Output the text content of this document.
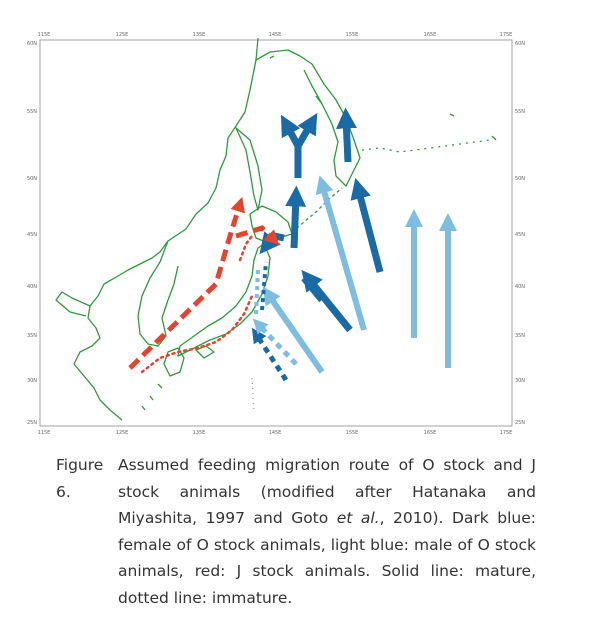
115E	125E	135E	145E	155E	165E	175E
115E	125E	135E	145E	155E	165E	175E
60N
55N
50N
45N
40N
35N
30N
25N
60N
55N
50N
45N
40N
35N
30N
25N
Figure 6.
Assumed feeding migration route of O stock and J stock animals (modified after Hatanaka and Miyashita, 1997 and Goto et al., 2010). Dark blue: female of O stock animals, light blue: male of O stock animals, red: J stock animals. Solid line: mature, dotted line: immature.
